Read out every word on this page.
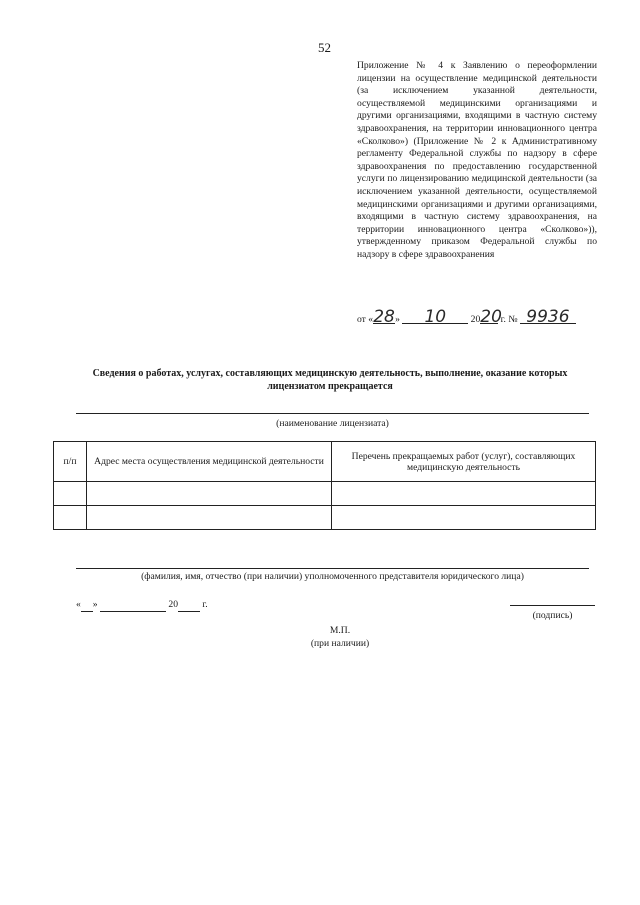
52
Приложение № 4 к Заявлению о переоформлении лицензии на осуществление медицинской деятельности (за исключением указанной деятельности, осуществляемой медицинскими организациями и другими организациями, входящими в частную систему здравоохранения, на территории инновационного центра «Сколково») (Приложение № 2 к Административному регламенту Федеральной службы по надзору в сфере здравоохранения по предоставлению государственной услуги по лицензированию медицинской деятельности (за исключением указанной деятельности, осуществляемой медицинскими организациями и другими организациями, входящими в частную систему здравоохранения, на территории инновационного центра «Сколково»)), утвержденному приказом Федеральной службы по надзору в сфере здравоохранения
от «28» 10	2020 г. № 9936
Сведения о работах, услугах, составляющих медицинскую деятельность, выполнение, оказание которых лицензиатом прекращается
(наименование лицензиата)
п/п	Адрес места осуществления медицинской деятельности	Перечень прекращаемых работ (услуг), составляющих медицинскую деятельность

(фамилия, имя, отчество (при наличии) уполномоченного представителя юридического лица)
« »	20	г.
(подпись)
М.П.
(при наличии)
